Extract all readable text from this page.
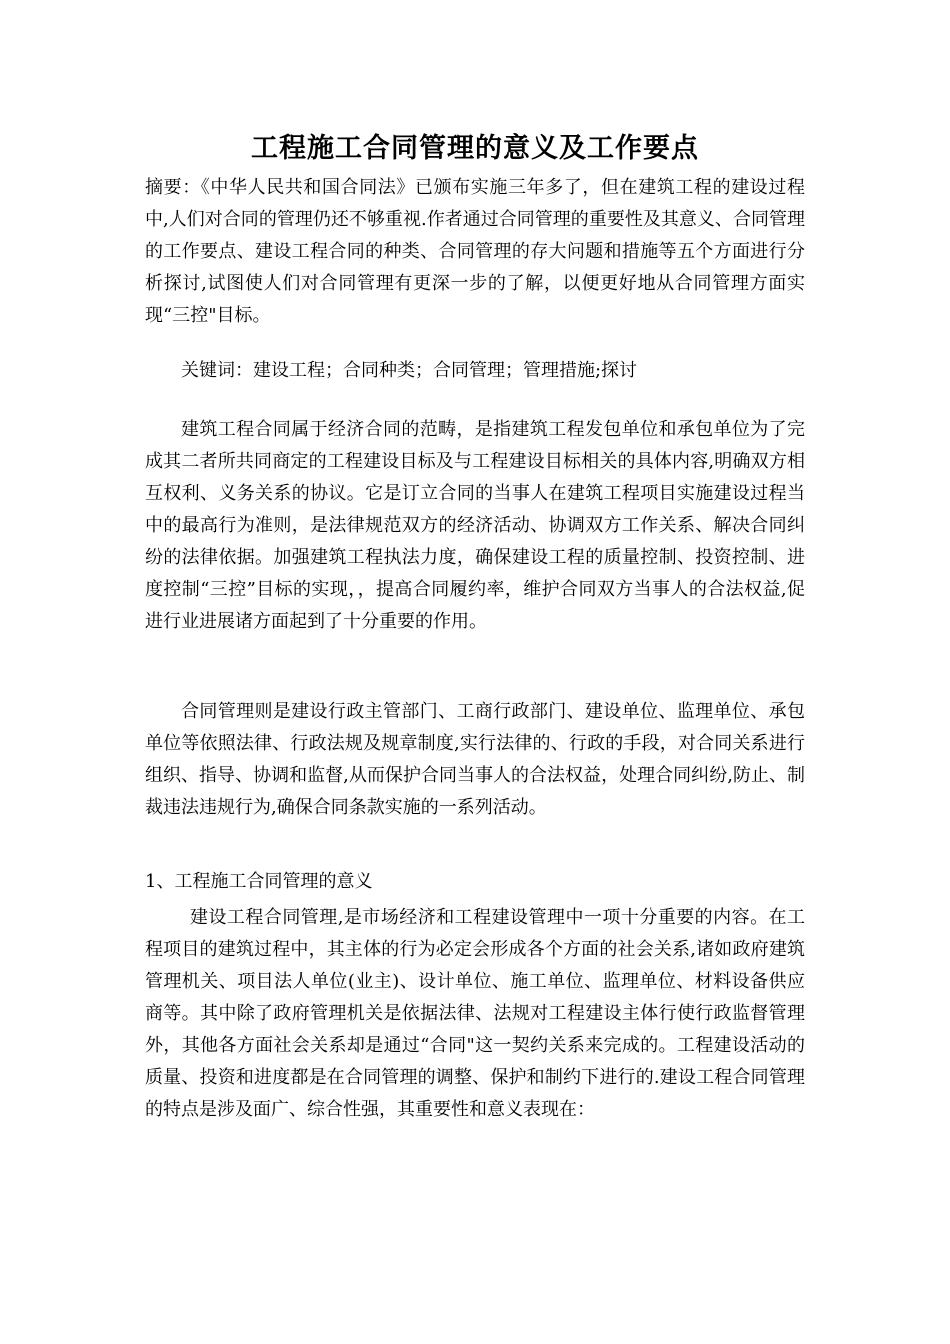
工程施工合同管理的意义及工作要点
摘要：《中华人民共和国合同法》已颁布实施三年多了，但在建筑工程的建设过程中,人们对合同的管理仍还不够重视.作者通过合同管理的重要性及其意义、合同管理的工作要点、建设工程合同的种类、合同管理的存大问题和措施等五个方面进行分析探讨,试图使人们对合同管理有更深一步的了解，以便更好地从合同管理方面实现“三控"目标。
关键词：建设工程；合同种类；合同管理；管理措施;探讨
建筑工程合同属于经济合同的范畴，是指建筑工程发包单位和承包单位为了完成其二者所共同商定的工程建设目标及与工程建设目标相关的具体内容,明确双方相互权利、义务关系的协议。它是订立合同的当事人在建筑工程项目实施建设过程当中的最高行为准则，是法律规范双方的经济活动、协调双方工作关系、解决合同纠纷的法律依据。加强建筑工程执法力度，确保建设工程的质量控制、投资控制、进度控制“三控”目标的实现，，提高合同履约率，维护合同双方当事人的合法权益,促进行业进展诸方面起到了十分重要的作用。
合同管理则是建设行政主管部门、工商行政部门、建设单位、监理单位、承包单位等依照法律、行政法规及规章制度,实行法律的、行政的手段，对合同关系进行组织、指导、协调和监督,从而保护合同当事人的合法权益，处理合同纠纷,防止、制裁违法违规行为,确保合同条款实施的一系列活动。
1、工程施工合同管理的意义
建设工程合同管理,是市场经济和工程建设管理中一项十分重要的内容。在工程项目的建筑过程中，其主体的行为必定会形成各个方面的社会关系,诸如政府建筑管理机关、项目法人单位(业主)、设计单位、施工单位、监理单位、材料设备供应商等。其中除了政府管理机关是依据法律、法规对工程建设主体行使行政监督管理外，其他各方面社会关系却是通过“合同"这一契约关系来完成的。工程建设活动的质量、投资和进度都是在合同管理的调整、保护和制约下进行的.建设工程合同管理的特点是涉及面广、综合性强，其重要性和意义表现在：
